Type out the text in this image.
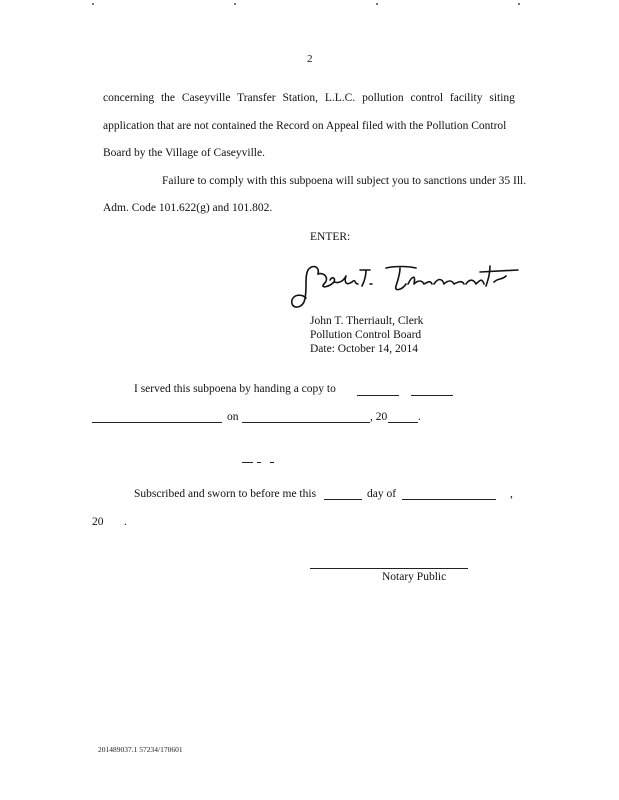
2
concerning the Caseyville Transfer Station, L.L.C. pollution control facility siting
application that are not contained the Record on Appeal filed with the Pollution Control
Board by the Village of Caseyville.
Failure to comply with this subpoena will subject you to sanctions under 35 Ill.
Adm. Code 101.622(g) and 101.802.
ENTER:
John T. Therriault, Clerk
Pollution Control Board
Date: October 14, 2014
I served this subpoena by handing a copy to
on	, 20	.
Subscribed and sworn to before me this	day of	,
20 .
Notary Public
201489037.1 57234/170601
